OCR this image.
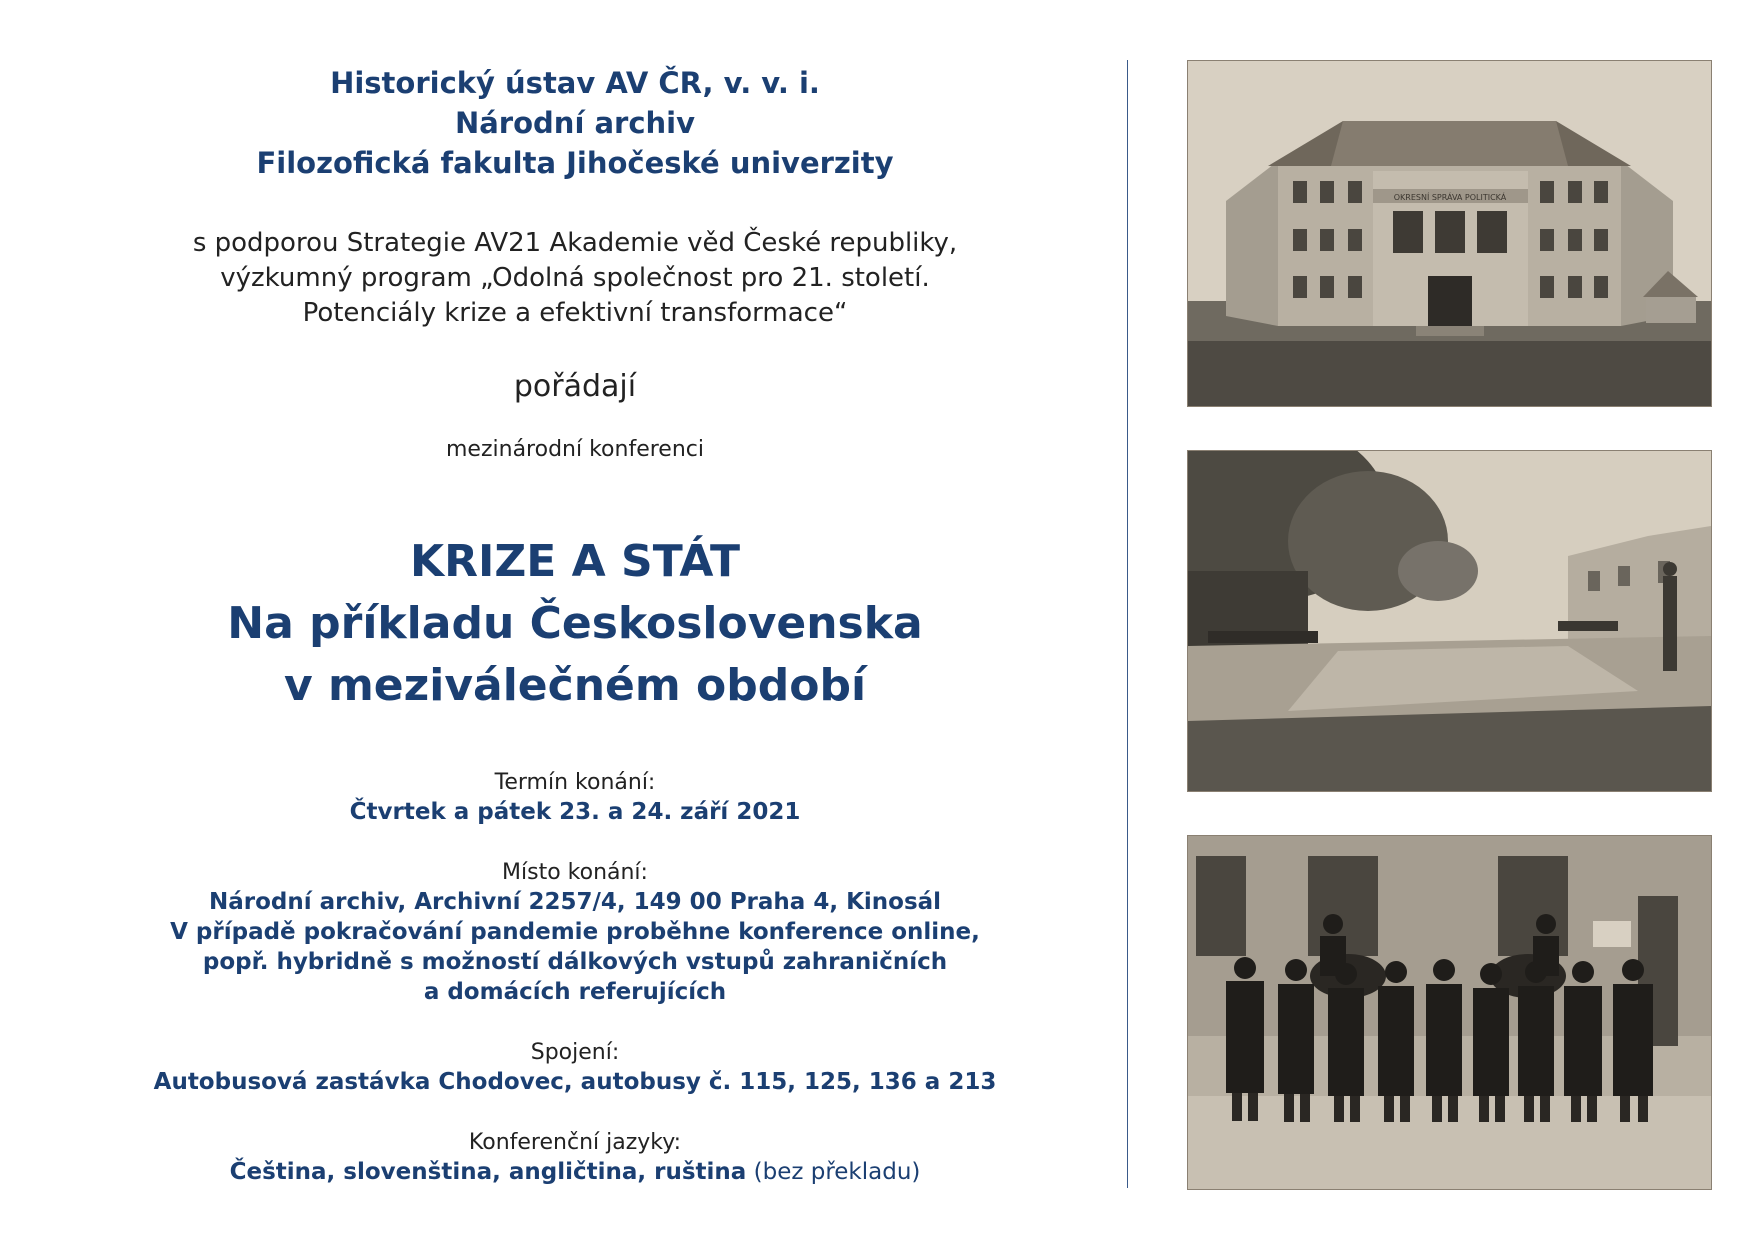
Historický ústav AV ČR, v. v. i.
Národní archiv
Filozofická fakulta Jihočeské univerzity
s podporou Strategie AV21 Akademie věd České republiky,
výzkumný program „Odolná společnost pro 21. století.
Potenciály krize a efektivní transformace“
pořádají
mezinárodní konferenci
KRIZE A STÁT
Na příkladu Československa
v meziválečném období
Termín konání:
Čtvrtek a pátek 23. a 24. září 2021
Místo konání:
Národní archiv, Archivní 2257/4, 149 00 Praha 4, Kinosál
V případě pokračování pandemie proběhne konference online,
popř. hybridně s možností dálkových vstupů zahraničních
a domácích referujících
Spojení:
Autobusová zastávka Chodovec, autobusy č. 115, 125, 136 a 213
Konferenční jazyky:
Čeština, slovenština, angličtina, ruština (bez překladu)
OKRESNÍ SPRÁVA POLITICKÁ
